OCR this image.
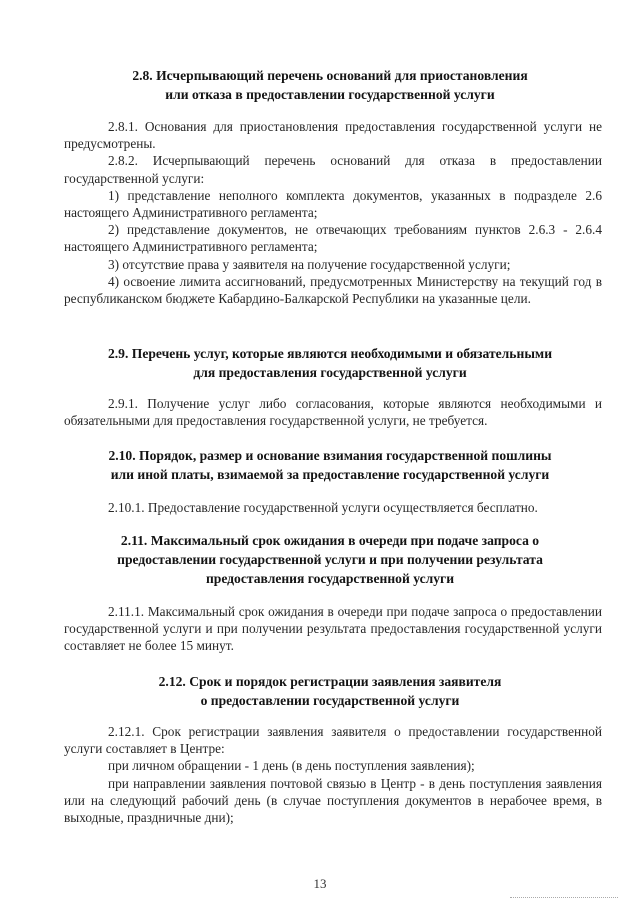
2.8. Исчерпывающий перечень оснований для приостановления
или отказа в предоставлении государственной услуги
2.8.1. Основания для приостановления предоставления государственной услуги не предусмотрены.
2.8.2. Исчерпывающий перечень оснований для отказа в предоставлении государственной услуги:
1) представление неполного комплекта документов, указанных в подразделе 2.6 настоящего Административного регламента;
2) представление документов, не отвечающих требованиям пунктов 2.6.3 - 2.6.4 настоящего Административного регламента;
3) отсутствие права у заявителя на получение государственной услуги;
4) освоение лимита ассигнований, предусмотренных Министерству на текущий год в республиканском бюджете Кабардино-Балкарской Республики на указанные цели.
2.9. Перечень услуг, которые являются необходимыми и обязательными
для предоставления государственной услуги
2.9.1. Получение услуг либо согласования, которые являются необходимыми и обязательными для предоставления государственной услуги, не требуется.
2.10. Порядок, размер и основание взимания государственной пошлины
или иной платы, взимаемой за предоставление государственной услуги
2.10.1. Предоставление государственной услуги осуществляется бесплатно.
2.11. Максимальный срок ожидания в очереди при подаче запроса о
предоставлении государственной услуги и при получении результата
предоставления государственной услуги
2.11.1. Максимальный срок ожидания в очереди при подаче запроса о предоставлении государственной услуги и при получении результата предоставления государственной услуги составляет не более 15 минут.
2.12. Срок и порядок регистрации заявления заявителя
о предоставлении государственной услуги
2.12.1. Срок регистрации заявления заявителя о предоставлении государственной услуги составляет в Центре:
при личном обращении - 1 день (в день поступления заявления);
при направлении заявления почтовой связью в Центр - в день поступления заявления или на следующий рабочий день (в случае поступления документов в нерабочее время, в выходные, праздничные дни);
13
